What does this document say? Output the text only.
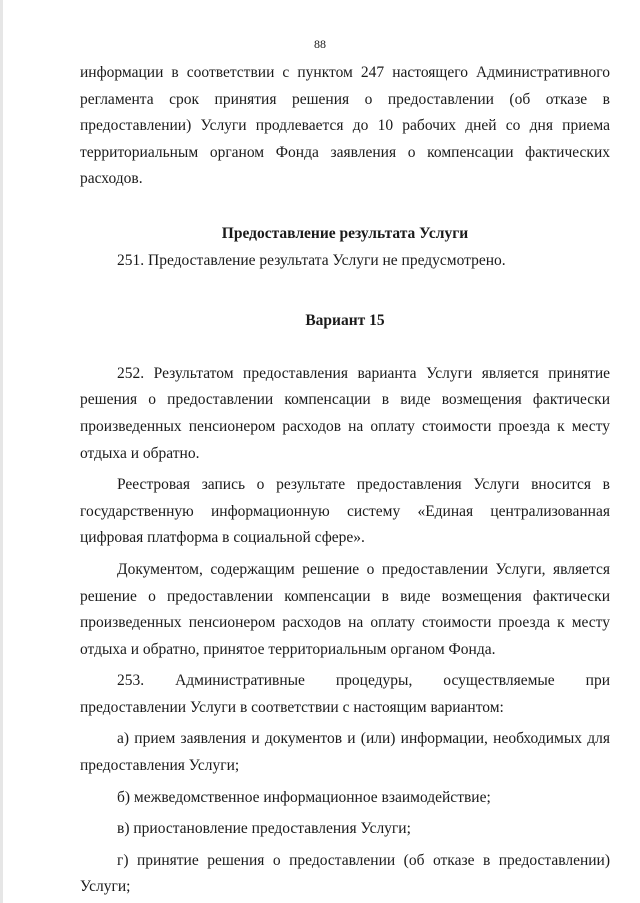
88

информации в соответствии с пунктом 247 настоящего Административного регламента срок принятия решения о предоставлении (об отказе в предоставлении) Услуги продлевается до 10 рабочих дней со дня приема территориальным органом Фонда заявления о компенсации фактических расходов.

Предоставление результата Услуги

251. Предоставление результата Услуги не предусмотрено.

Вариант 15

252. Результатом предоставления варианта Услуги является принятие решения о предоставлении компенсации в виде возмещения фактически произведенных пенсионером расходов на оплату стоимости проезда к месту отдыха и обратно.

Реестровая запись о результате предоставления Услуги вносится в государственную информационную систему «Единая централизованная цифровая платформа в социальной сфере».

Документом, содержащим решение о предоставлении Услуги, является решение о предоставлении компенсации в виде возмещения фактически произведенных пенсионером расходов на оплату стоимости проезда к месту отдыха и обратно, принятое территориальным органом Фонда.

253. Административные процедуры, осуществляемые при предоставлении Услуги в соответствии с настоящим вариантом:

а) прием заявления и документов и (или) информации, необходимых для предоставления Услуги;

б) межведомственное информационное взаимодействие;

в) приостановление предоставления Услуги;

г) принятие решения о предоставлении (об отказе в предоставлении) Услуги;
